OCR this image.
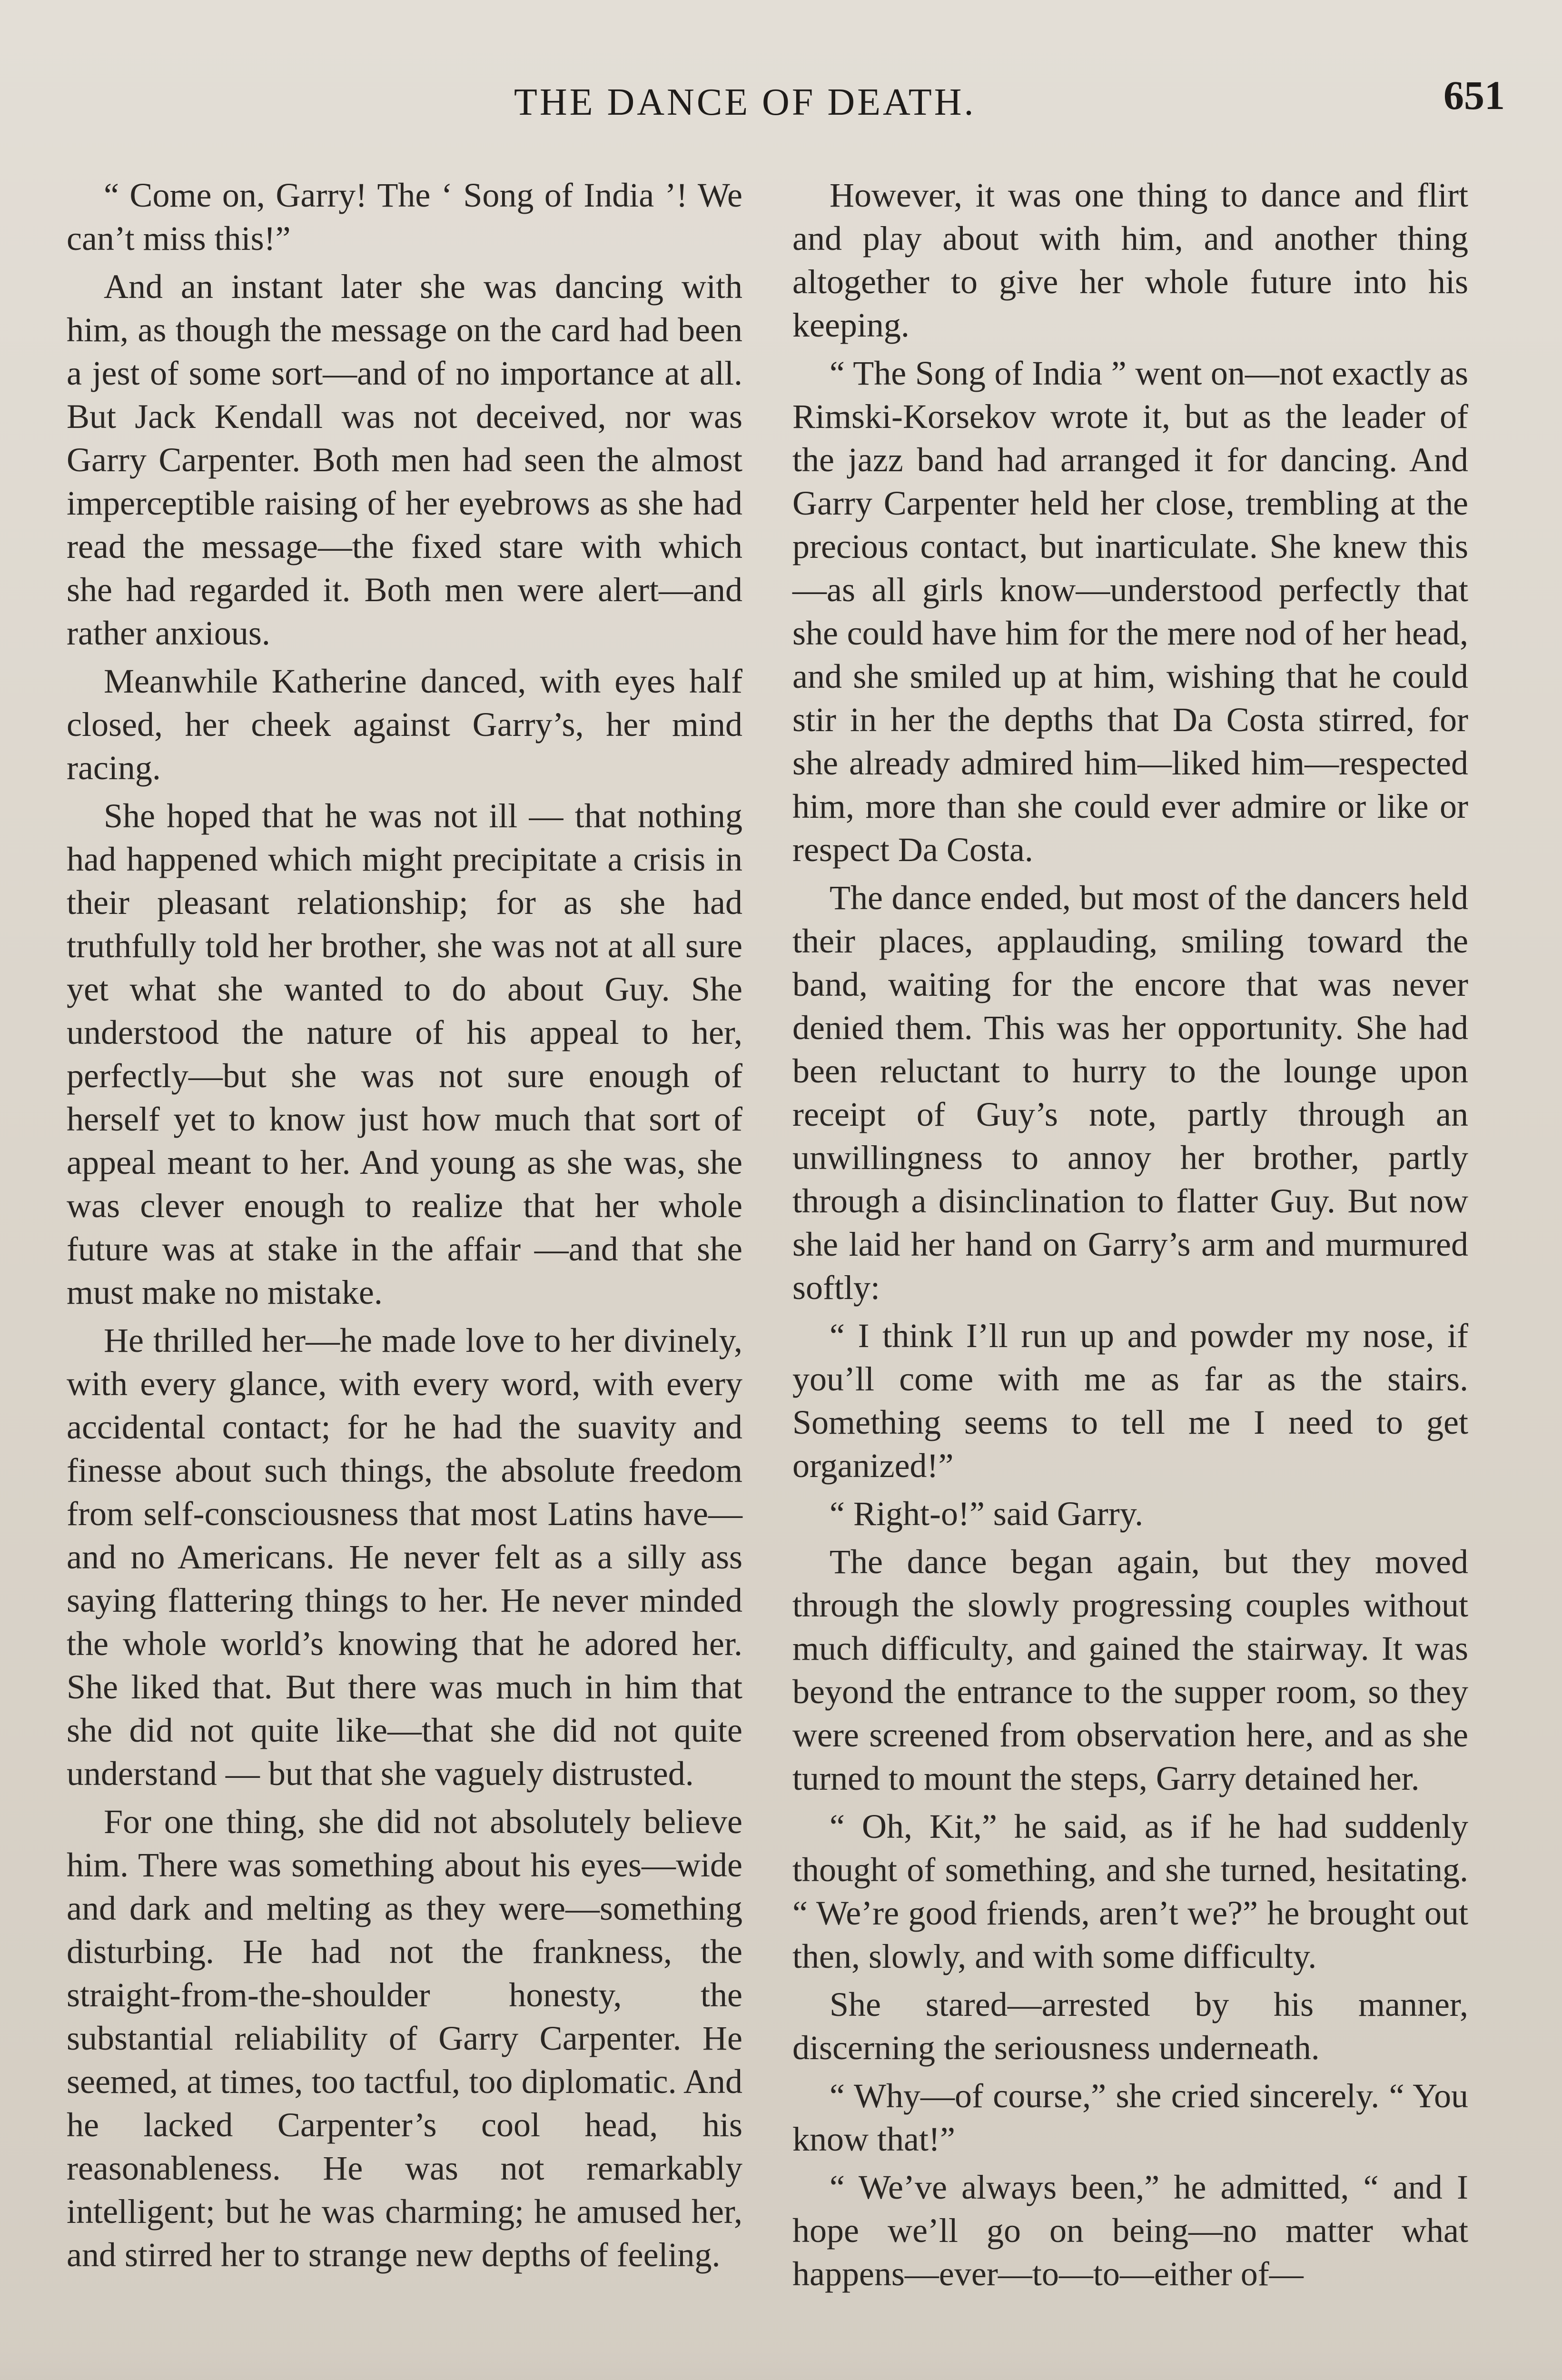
THE DANCE OF DEATH.	651

“ Come on, Garry! The ‘ Song of India ’! We can’t miss this!”

And an instant later she was dancing with him, as though the message on the card had been a jest of some sort—and of no importance at all. But Jack Kendall was not deceived, nor was Garry Carpenter. Both men had seen the almost imperceptible raising of her eyebrows as she had read the message—the fixed stare with which she had regarded it. Both men were alert—and rather anxious.

Meanwhile Katherine danced, with eyes half closed, her cheek against Garry’s, her mind racing.

She hoped that he was not ill — that nothing had happened which might precipitate a crisis in their pleasant relationship; for as she had truthfully told her brother, she was not at all sure yet what she wanted to do about Guy. She understood the nature of his appeal to her, perfectly—but she was not sure enough of herself yet to know just how much that sort of appeal meant to her. And young as she was, she was clever enough to realize that her whole future was at stake in the affair —and that she must make no mistake.

He thrilled her—he made love to her divinely, with every glance, with every word, with every accidental contact; for he had the suavity and finesse about such things, the absolute freedom from self-consciousness that most Latins have—and no Americans. He never felt as a silly ass saying flattering things to her. He never minded the whole world’s knowing that he adored her. She liked that. But there was much in him that she did not quite like—that she did not quite understand — but that she vaguely distrusted.

For one thing, she did not absolutely believe him. There was something about his eyes—wide and dark and melting as they were—something disturbing. He had not the frankness, the straight-from-the-shoulder honesty, the substantial reliability of Garry Carpenter. He seemed, at times, too tactful, too diplomatic. And he lacked Carpenter’s cool head, his reasonableness. He was not remarkably intelligent; but he was charming; he amused her, and stirred her to strange new depths of feeling.

However, it was one thing to dance and flirt and play about with him, and another thing altogether to give her whole future into his keeping.

“ The Song of India ” went on—not exactly as Rimski-Korsekov wrote it, but as the leader of the jazz band had arranged it for dancing. And Garry Carpenter held her close, trembling at the precious contact, but inarticulate. She knew this—as all girls know—understood perfectly that she could have him for the mere nod of her head, and she smiled up at him, wishing that he could stir in her the depths that Da Costa stirred, for she already admired him—liked him—respected him, more than she could ever admire or like or respect Da Costa.

The dance ended, but most of the dancers held their places, applauding, smiling toward the band, waiting for the encore that was never denied them. This was her opportunity. She had been reluctant to hurry to the lounge upon receipt of Guy’s note, partly through an unwillingness to annoy her brother, partly through a disinclination to flatter Guy. But now she laid her hand on Garry’s arm and murmured softly:

“ I think I’ll run up and powder my nose, if you’ll come with me as far as the stairs. Something seems to tell me I need to get organized!”

“ Right-o!” said Garry.

The dance began again, but they moved through the slowly progressing couples without much difficulty, and gained the stairway. It was beyond the entrance to the supper room, so they were screened from observation here, and as she turned to mount the steps, Garry detained her.

“ Oh, Kit,” he said, as if he had suddenly thought of something, and she turned, hesitating. “ We’re good friends, aren’t we?” he brought out then, slowly, and with some difficulty.

She stared—arrested by his manner, discerning the seriousness underneath.

“ Why—of course,” she cried sincerely. “ You know that!”

“ We’ve always been,” he admitted, “ and I hope we’ll go on being—no matter what happens—ever—to—to—either of—
